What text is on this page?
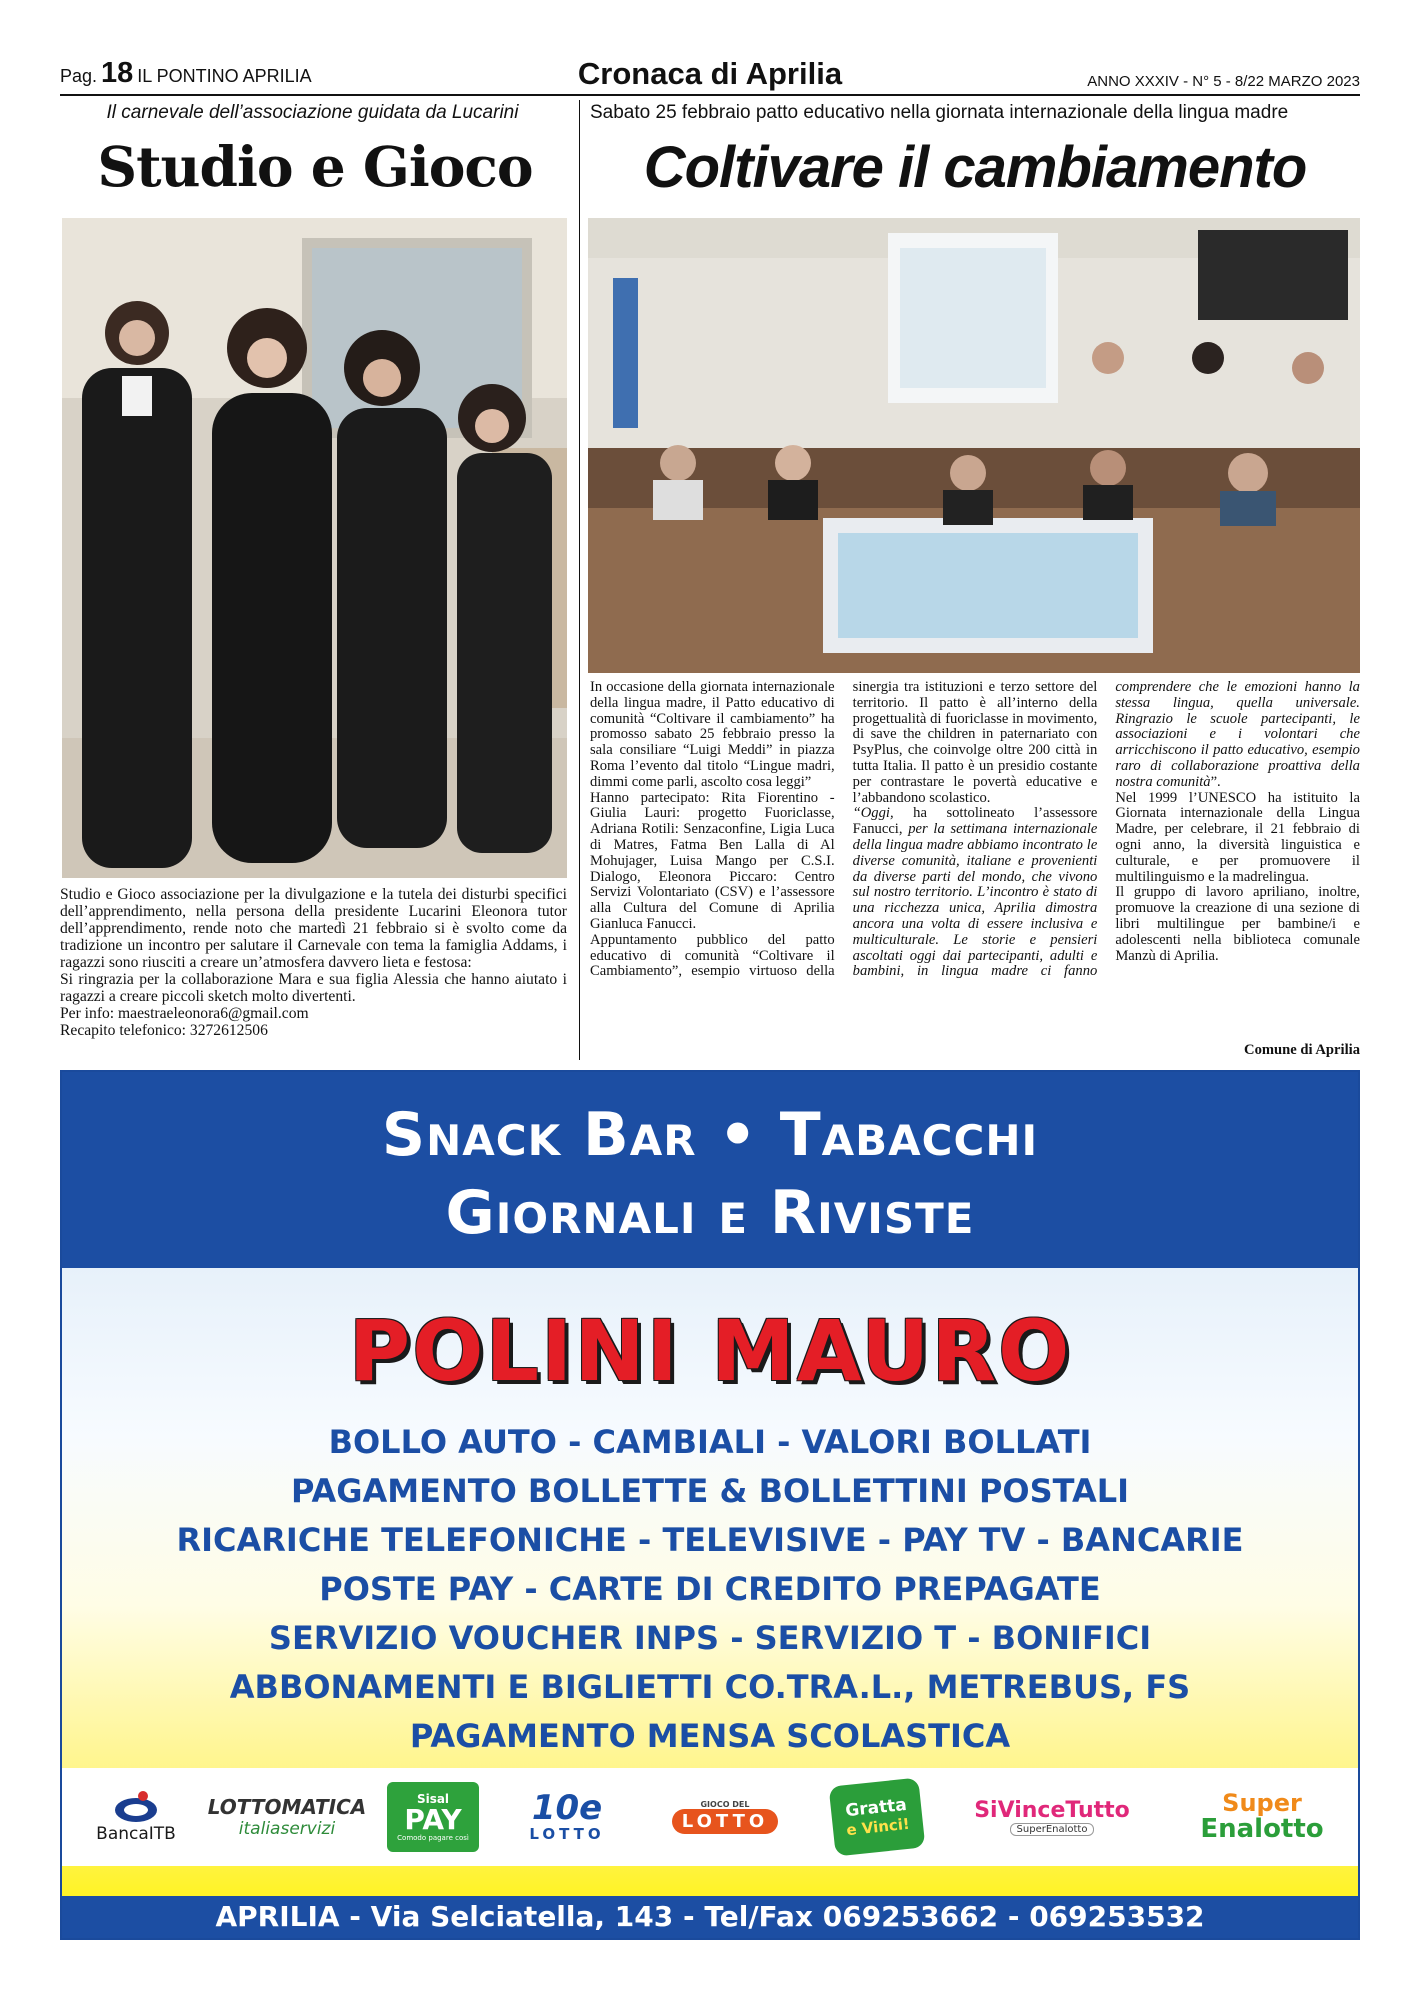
Pag. 18 IL PONTINO APRILIA	Cronaca di Aprilia	ANNO XXXIV - N° 5 - 8/22 MARZO 2023
Il carnevale dell’associazione guidata da Lucarini
Studio e Gioco

Studio e Gioco associazione per la divulgazione e la tutela dei disturbi specifici dell’apprendimento, nella persona della presidente Lucarini Eleonora tutor dell’apprendimento, rende noto che martedì 21 febbraio si è svolto come da tradizione un incontro per salutare il Carnevale con tema la famiglia Addams, i ragazzi sono riusciti a creare un’atmosfera davvero lieta e festosa:

Si ringrazia per la collaborazione Mara e sua figlia Alessia che hanno aiutato i ragazzi a creare piccoli sketch molto divertenti.

Per info: maestraeleonora6@gmail.com

Recapito telefonico: 3272612506

Sabato 25 febbraio patto educativo nella giornata internazionale della lingua madre
Coltivare il cambiamento

In occasione della giornata internazionale della lingua madre, il Patto educativo di comunità “Coltivare il cambiamento” ha promosso sabato 25 febbraio presso la sala consiliare “Luigi Meddi” in piazza Roma l’evento dal titolo “Lingue madri, dimmi come parli, ascolto cosa leggi”

Hanno partecipato: Rita Fiorentino - Giulia Lauri: progetto Fuoriclasse, Adriana Rotili: Senzaconfine, Ligia Luca di Matres, Fatma Ben Lalla di Al Mohujager, Luisa Mango per C.S.I. Dialogo, Eleonora Piccaro: Centro Servizi Volontariato (CSV) e l’assessore alla Cultura del Comune di Aprilia Gianluca Fanucci.

Appuntamento pubblico del patto educativo di comunità “Coltivare il Cambiamento”, esempio virtuoso della sinergia tra istituzioni e terzo settore del territorio. Il patto è all’interno della progettualità di fuoriclasse in movimento, di save the children in paternariato con PsyPlus, che coinvolge oltre 200 città in tutta Italia. Il patto è un presidio costante per contrastare le povertà educative e l’abbandono scolastico.

“Oggi, ha sottolineato l’assessore Fanucci, per la settimana internazionale della lingua madre abbiamo incontrato le diverse comunità, italiane e provenienti da diverse parti del mondo, che vivono sul nostro territorio. L’incontro è stato di una ricchezza unica, Aprilia dimostra ancora una volta di essere inclusiva e multiculturale. Le storie e pensieri ascoltati oggi dai partecipanti, adulti e bambini, in lingua madre ci fanno comprendere che le emozioni hanno la stessa lingua, quella universale. Ringrazio le scuole partecipanti, le associazioni e i volontari che arricchiscono il patto educativo, esempio raro di collaborazione proattiva della nostra comunità”.

Nel 1999 l’UNESCO ha istituito la Giornata internazionale della Lingua Madre, per celebrare, il 21 febbraio di ogni anno, la diversità linguistica e culturale, e per promuovere il multilinguismo e la madrelingua.

Il gruppo di lavoro apriliano, inoltre, promuove la creazione di una sezione di libri multilingue per bambine/i e adolescenti nella biblioteca comunale Manzù di Aprilia.

Comune di Aprilia
Snack Bar • Tabacchi
Giornali e Riviste
POLINI MAURO
BOLLO AUTO - CAMBIALI - VALORI BOLLATI
PAGAMENTO BOLLETTE & BOLLETTINI POSTALI
RICARICHE TELEFONICHE - TELEVISIVE - PAY TV - BANCARIE
POSTE PAY - CARTE DI CREDITO PREPAGATE
SERVIZIO VOUCHER INPS - SERVIZIO T - BONIFICI
ABBONAMENTI E BIGLIETTI CO.TRA.L., METREBUS, FS
PAGAMENTO MENSA SCOLASTICA
BancaITB
LOTTOMATICA
italiaservizi
Sisal
PAY
Comodo pagare così
10e
LOTTO
GIOCO DEL
LOTTO
Gratta
e Vinci!
SiVinceTutto
SuperEnalotto
Super
Enalotto
APRILIA - Via Selciatella, 143 - Tel/Fax 069253662 - 069253532
